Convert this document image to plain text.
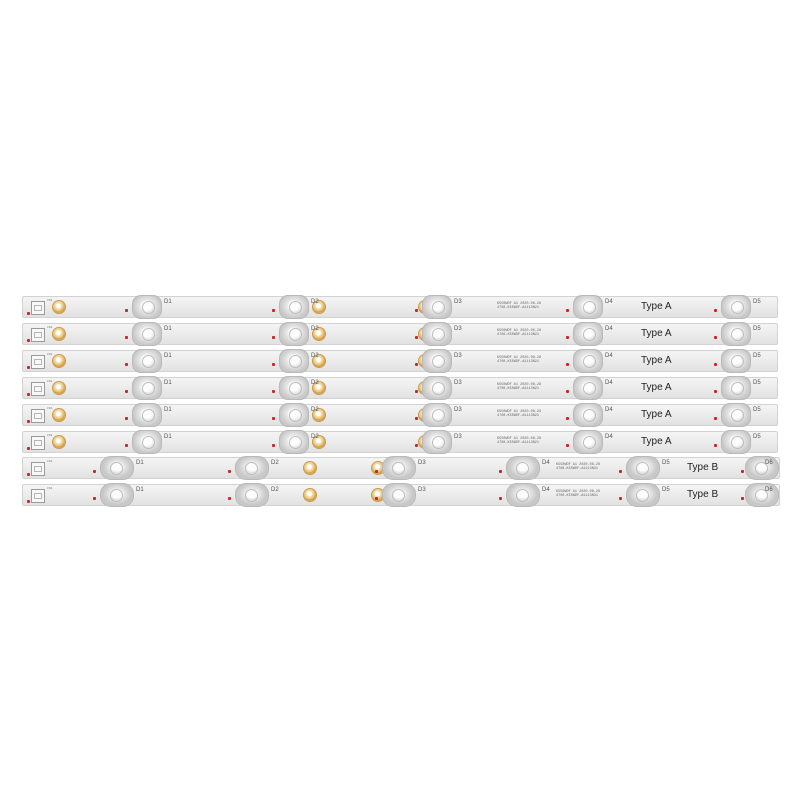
CN1	D1	D2	D3	D4	D5
K550WDF A1 2020-08-28
4708-K55WDF-A1113N21	Type A
CN1	D1	D2	D3	D4	D5
K550WDF A1 2020-08-28
4708-K55WDF-A1113N21	Type A
CN1	D1	D2	D3	D4	D5
K550WDF A1 2020-08-28
4708-K55WDF-A1113N21	Type A
CN1	D1	D2	D3	D4	D5
K550WDF A1 2020-08-28
4708-K55WDF-A1113N21	Type A
CN1	D1	D2	D3	D4	D5
K550WDF A1 2020-08-28
4708-K55WDF-A1113N21	Type A
CN1	D1	D2	D3	D4	D5
K550WDF A1 2020-08-28
4708-K55WDF-A1113N21	Type A
CN1	D1	D2	D3	D4	D5	D6
K550WDF A1 2020-08-28
4708-K55WDF-A1113N31	Type B
CN1	D1	D2	D3	D4	D5	D6
K550WDF A1 2020-08-28
4708-K55WDF-A1113N31	Type B
